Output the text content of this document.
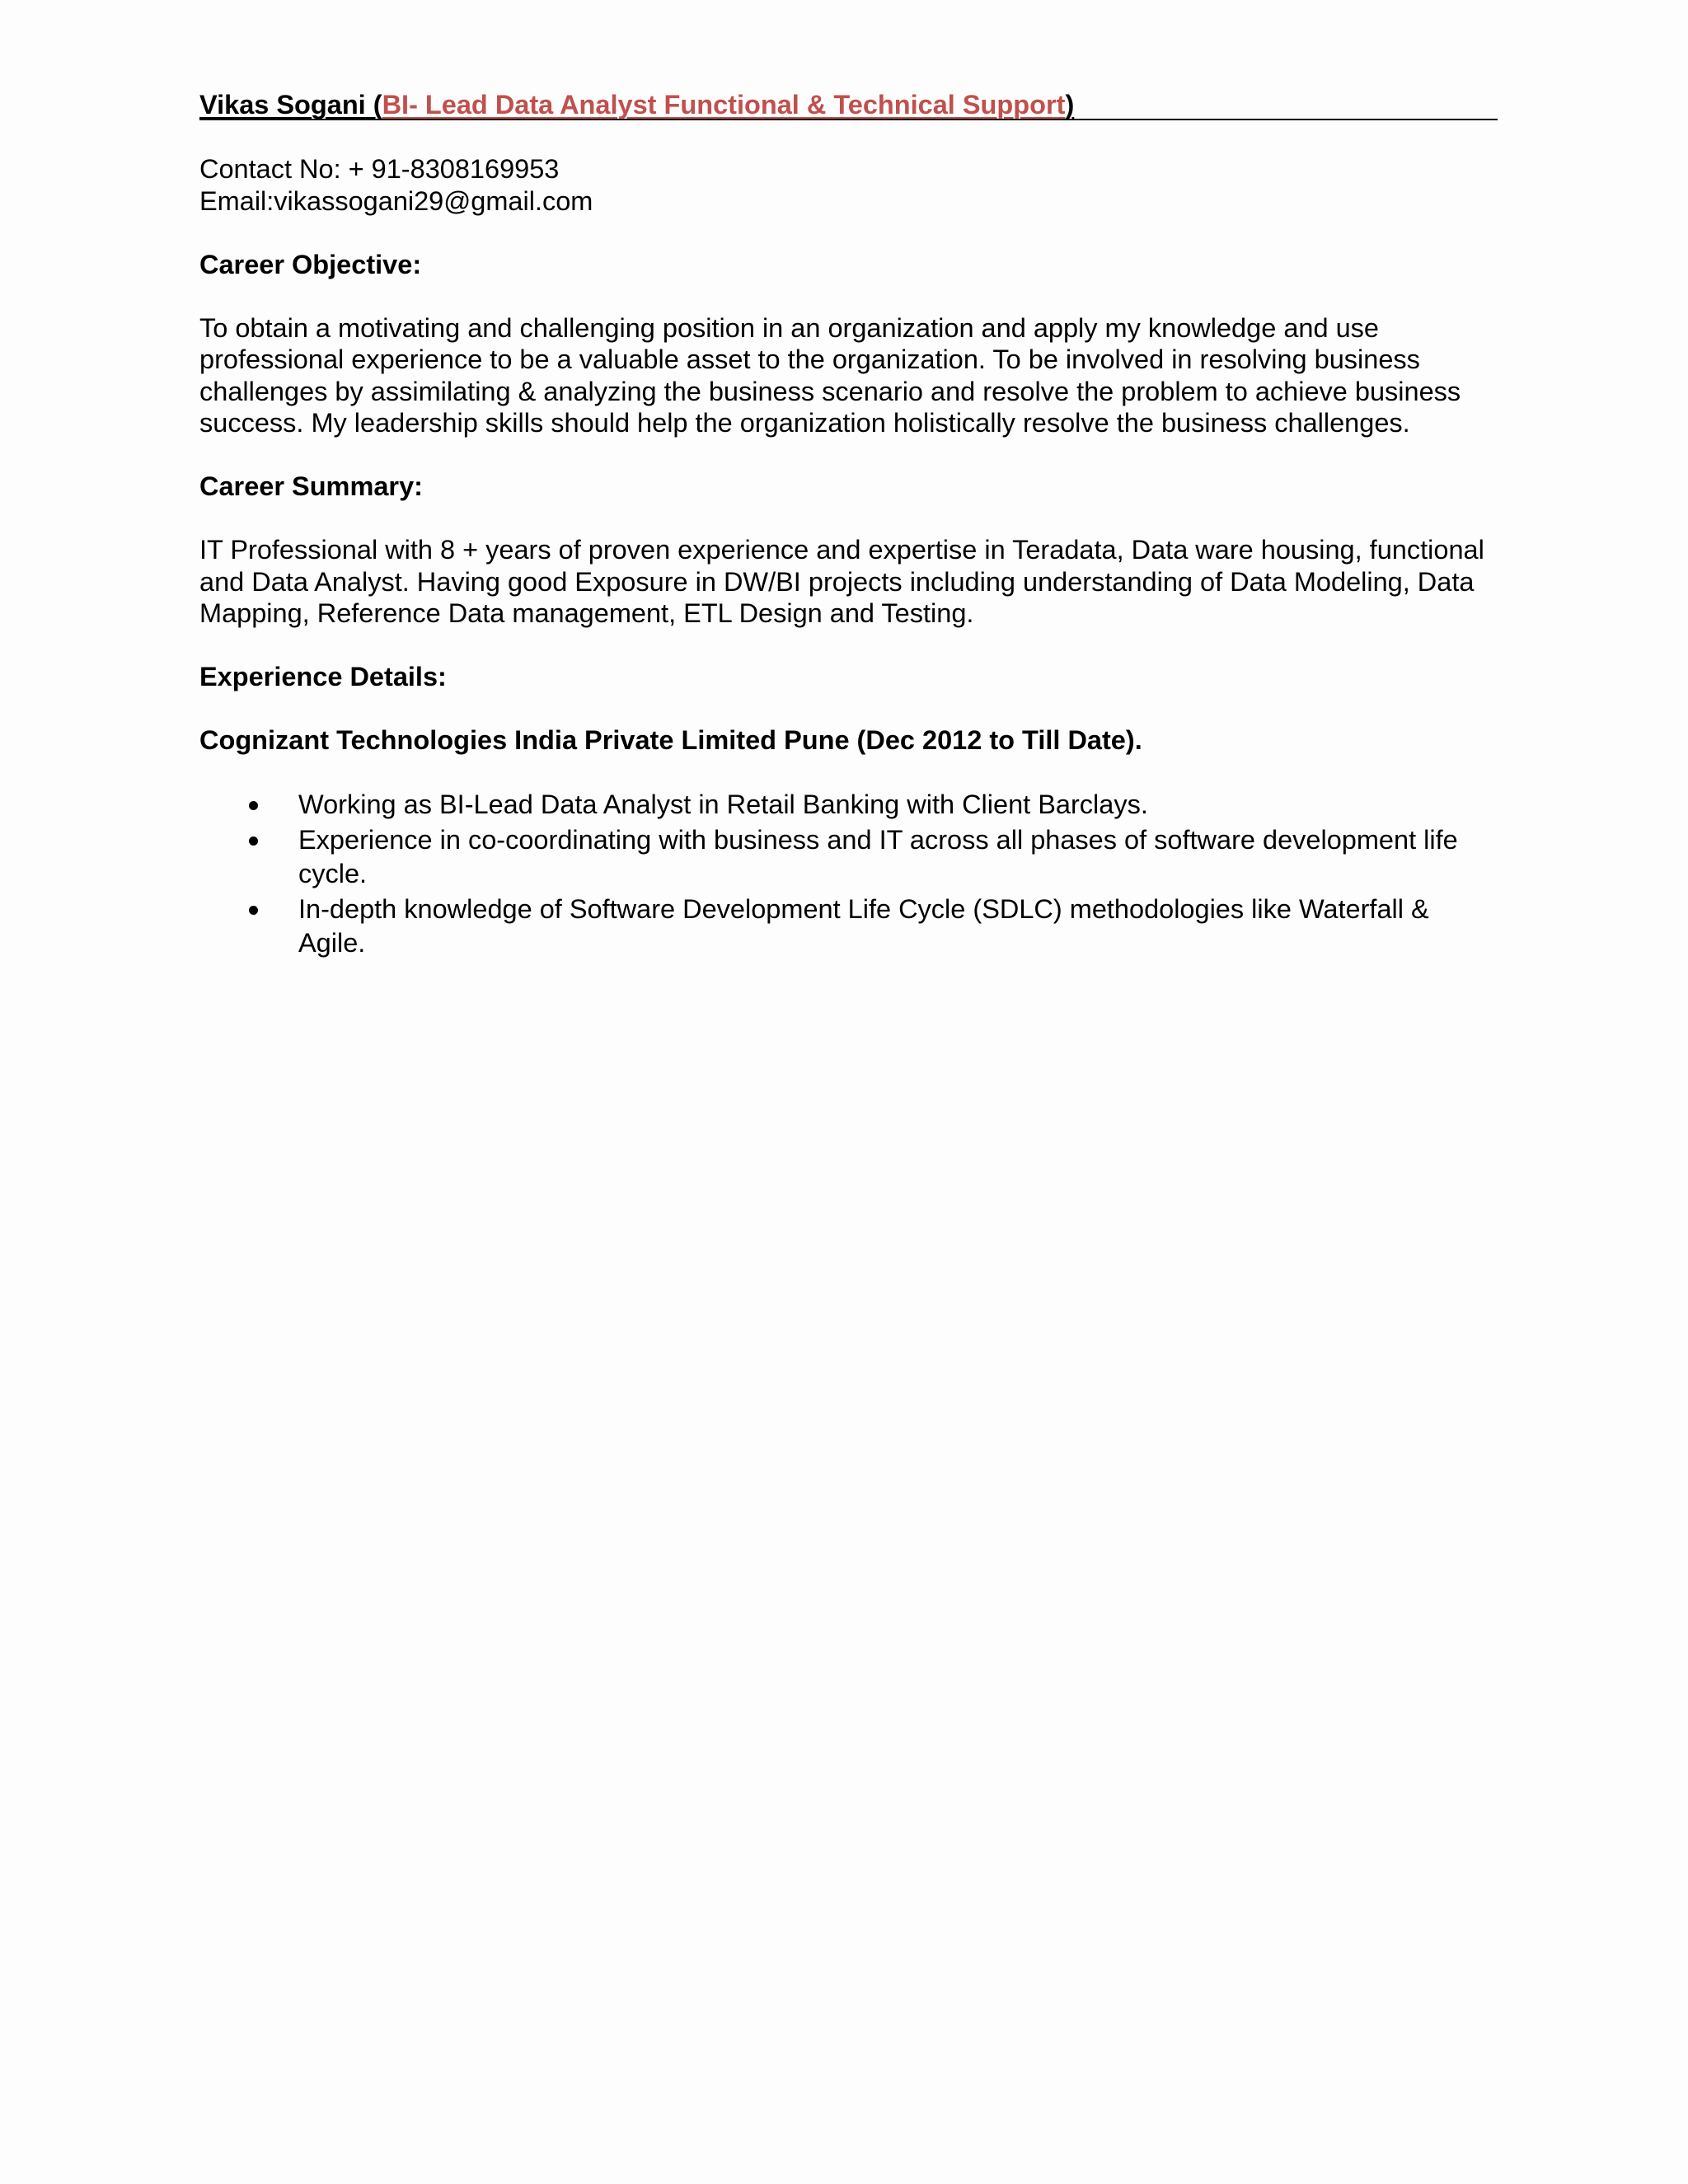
Vikas Sogani (BI- Lead Data Analyst Functional & Technical Support)
Contact No: + 91-8308169953
Email:vikassogani29@gmail.com
Career Objective:
To obtain a motivating and challenging position in an organization and apply my knowledge and use professional experience to be a valuable asset to the organization. To be involved in resolving business challenges by assimilating & analyzing the business scenario and resolve the problem to achieve business success. My leadership skills should help the organization holistically resolve the business challenges.
Career Summary:
IT Professional with 8 + years of proven experience and expertise in Teradata, Data ware housing, functional and Data Analyst. Having good Exposure in DW/BI projects including understanding of Data Modeling, Data Mapping, Reference Data management, ETL Design and Testing.
Experience Details:
Cognizant Technologies India Private Limited Pune (Dec 2012 to Till Date).
Working as BI-Lead Data Analyst in Retail Banking with Client Barclays.
Experience in co-coordinating with business and IT across all phases of software development life cycle.
In-depth knowledge of Software Development Life Cycle (SDLC) methodologies like Waterfall & Agile.
